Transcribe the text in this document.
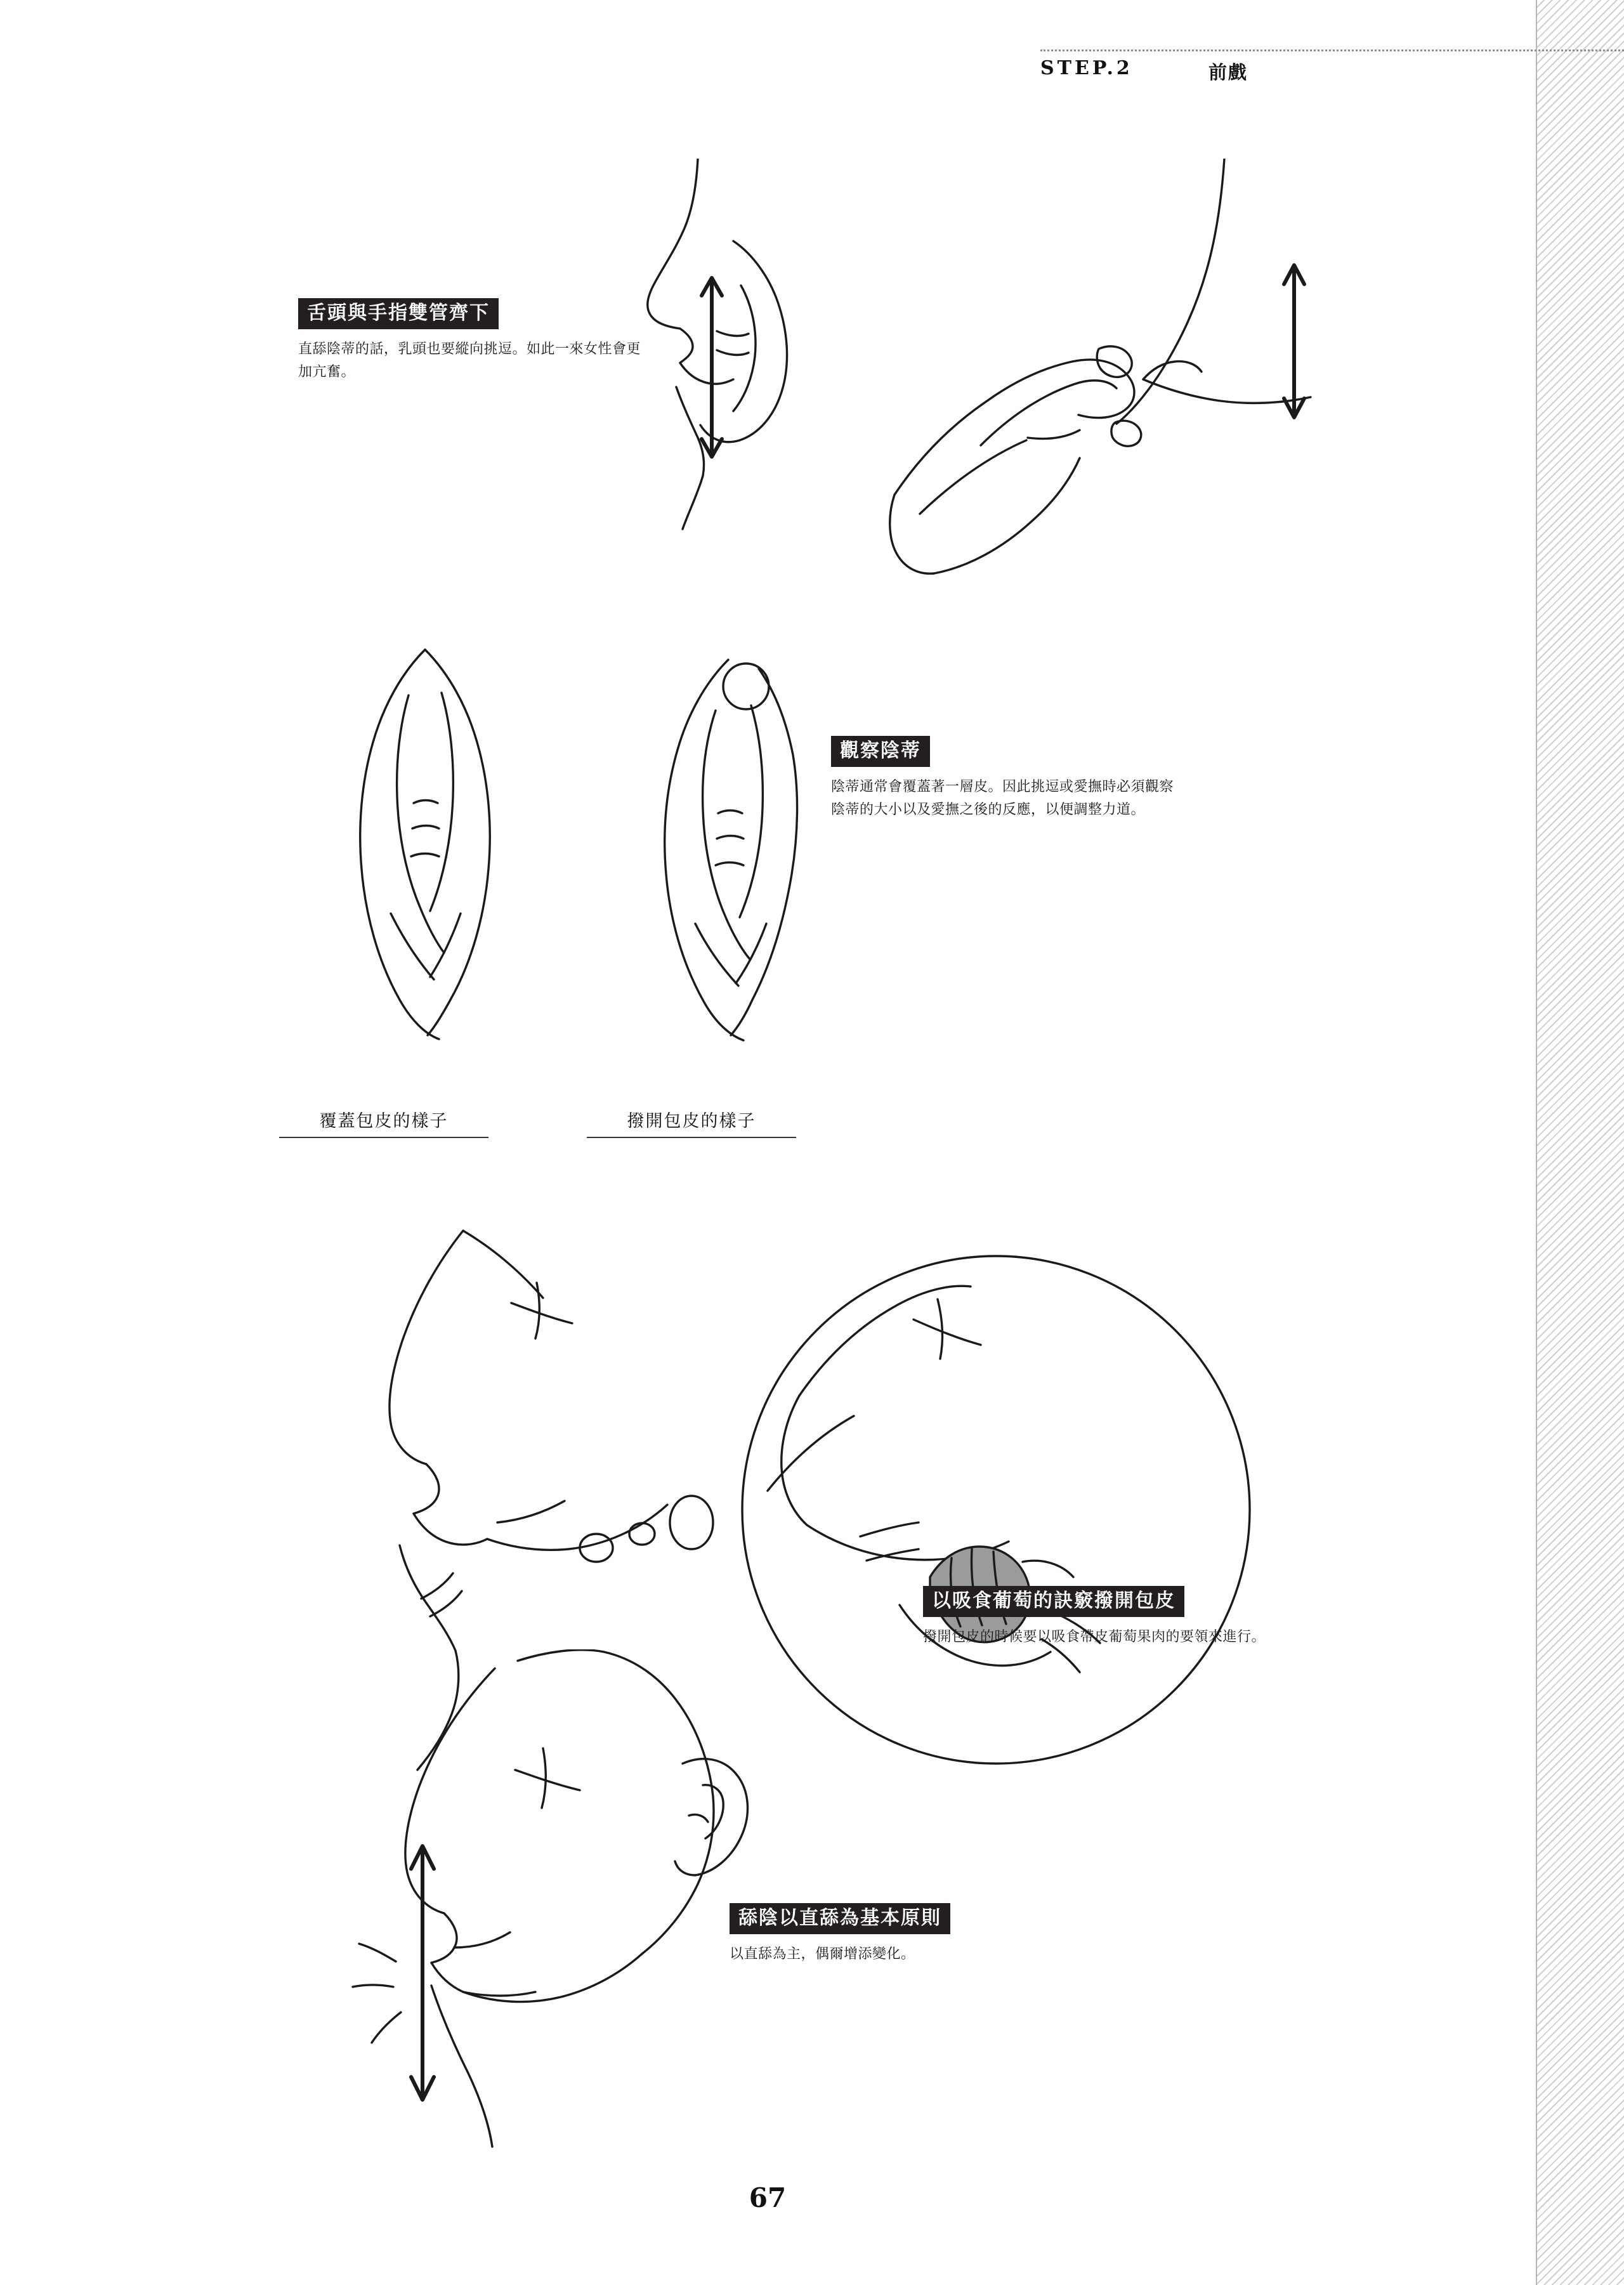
STEP.2	前戲
覆蓋包皮的樣子	撥開包皮的樣子
舌頭與手指雙管齊下
直舔陰蒂的話，乳頭也要縱向挑逗。如此一來女性會更加亢奮。
觀察陰蒂
陰蒂通常會覆蓋著一層皮。因此挑逗或愛撫時必須觀察陰蒂的大小以及愛撫之後的反應，以便調整力道。
以吸食葡萄的訣竅撥開包皮
撥開包皮的時候要以吸食帶皮葡萄果肉的要領來進行。
舔陰以直舔為基本原則
以直舔為主，偶爾增添變化。
67
